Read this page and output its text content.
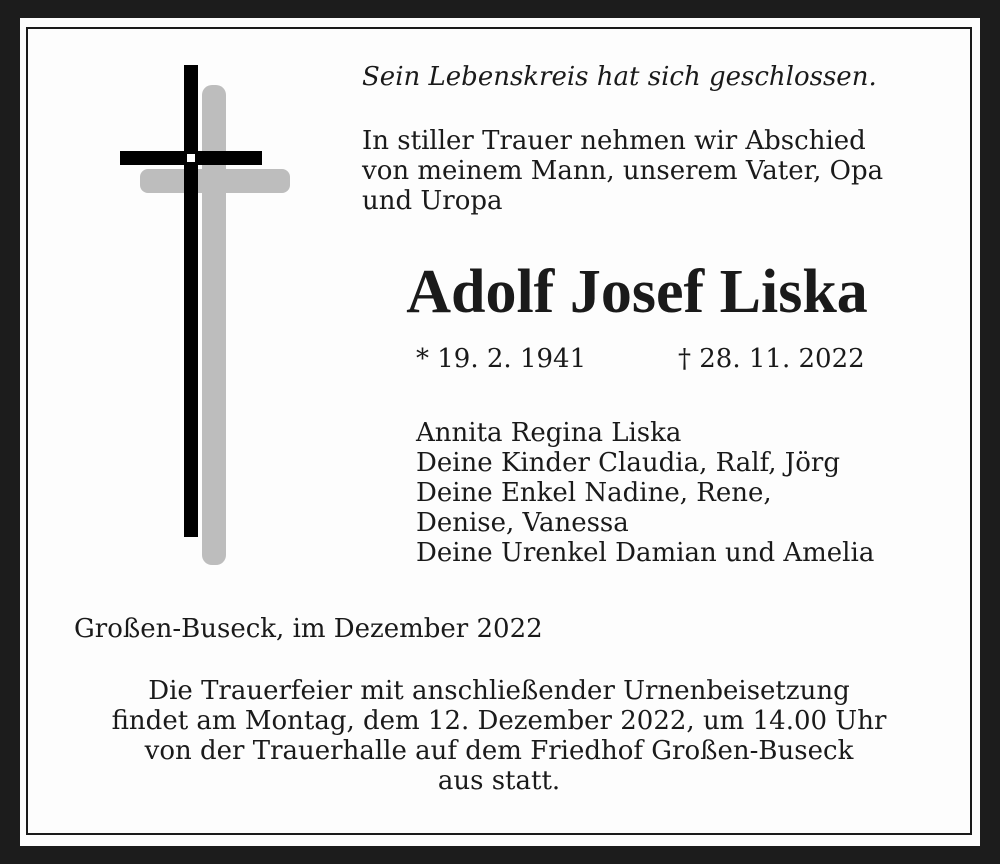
Sein Lebenskreis hat sich geschlossen.
In stiller Trauer nehmen wir Abschied
von meinem Mann, unserem Vater, Opa
und Uropa
Adolf Josef Liska
* 19. 2. 1941	† 28. 11. 2022
Annita Regina Liska
Deine Kinder Claudia, Ralf, Jörg
Deine Enkel Nadine, Rene,
Denise, Vanessa
Deine Urenkel Damian und Amelia
Großen-Buseck, im Dezember 2022
Die Trauerfeier mit anschließender Urnenbeisetzung
findet am Montag, dem 12. Dezember 2022, um 14.00 Uhr
von der Trauerhalle auf dem Friedhof Großen-Buseck
aus statt.
